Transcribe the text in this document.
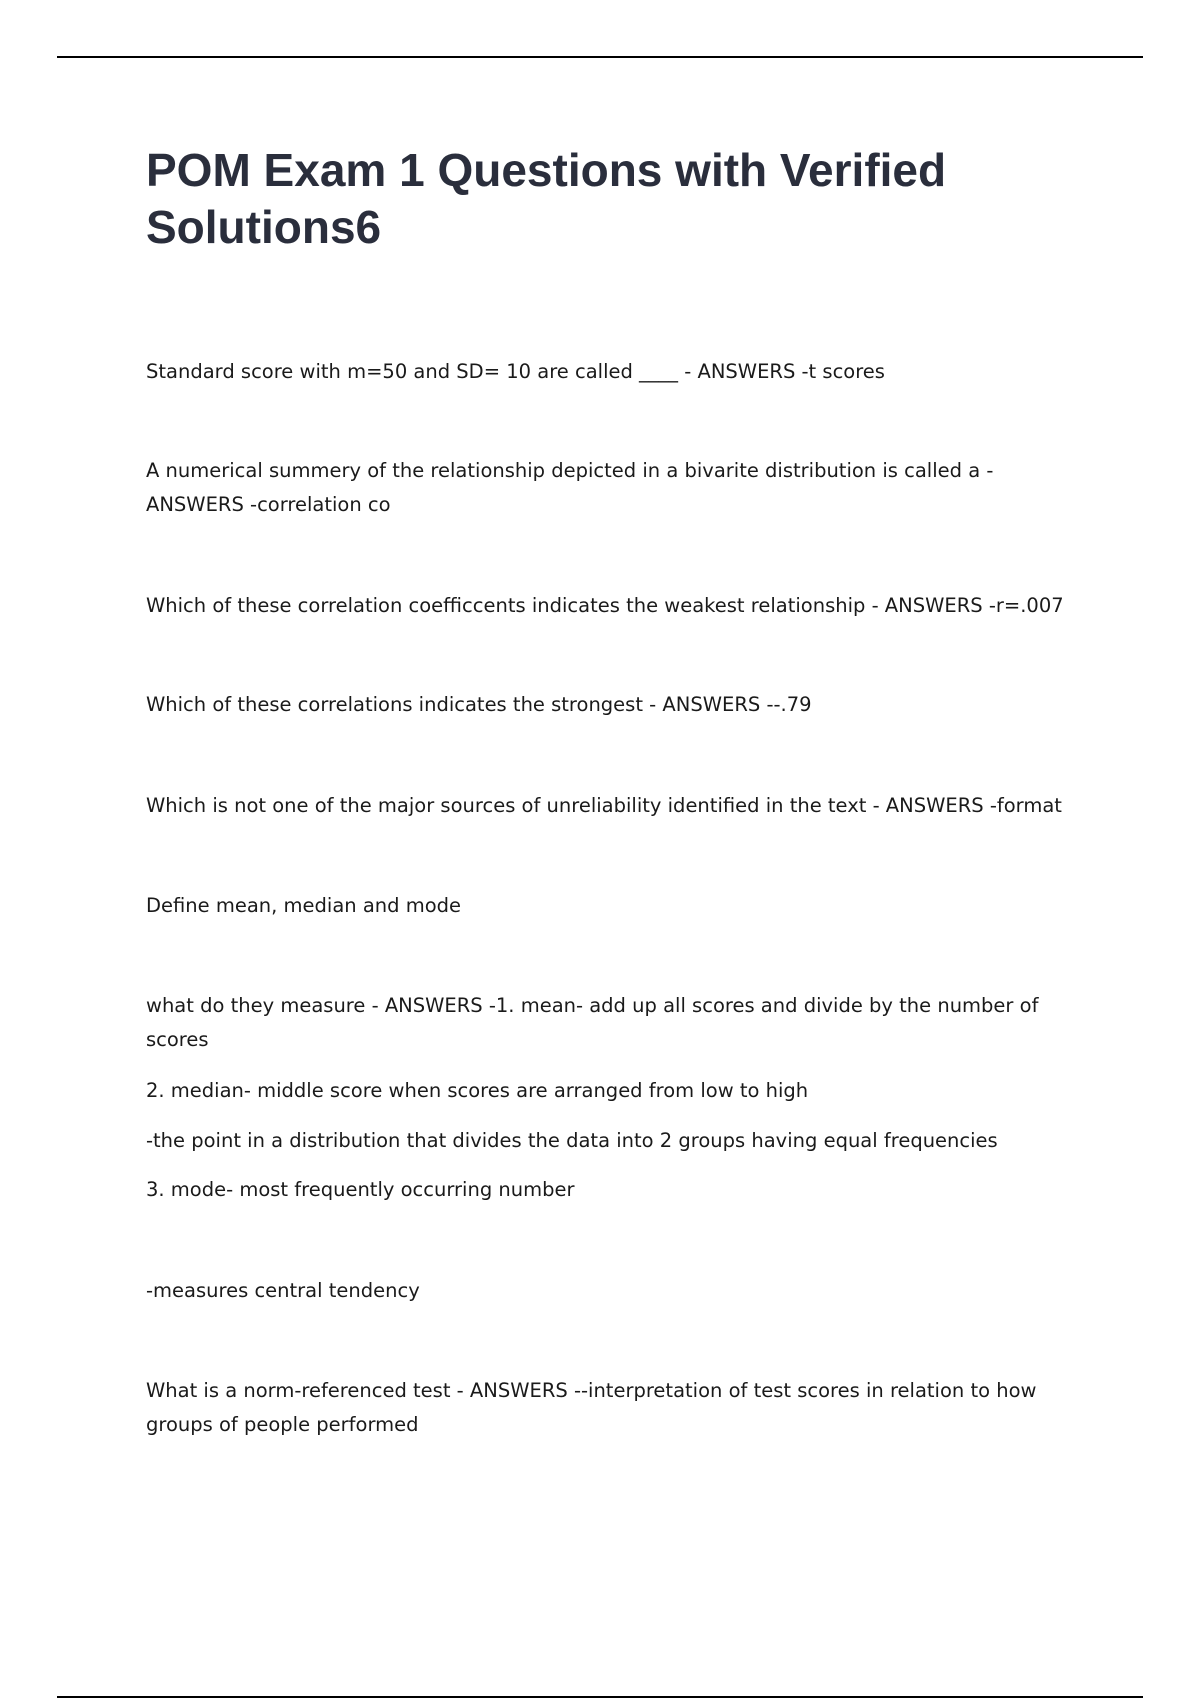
POM Exam 1 Questions with Verified Solutions6

Standard score with m=50 and SD= 10 are called ____ - ANSWERS -t scores

A numerical summery of the relationship depicted in a bivarite distribution is called a - ANSWERS -correlation co

Which of these correlation coefficcents indicates the weakest relationship - ANSWERS -r=.007

Which of these correlations indicates the strongest - ANSWERS --.79

Which is not one of the major sources of unreliability identified in the text - ANSWERS -format

Define mean, median and mode

what do they measure - ANSWERS -1. mean- add up all scores and divide by the number of scores

2. median- middle score when scores are arranged from low to high

-the point in a distribution that divides the data into 2 groups having equal frequencies

3. mode- most frequently occurring number

-measures central tendency

What is a norm-referenced test - ANSWERS --interpretation of test scores in relation to how groups of people performed
